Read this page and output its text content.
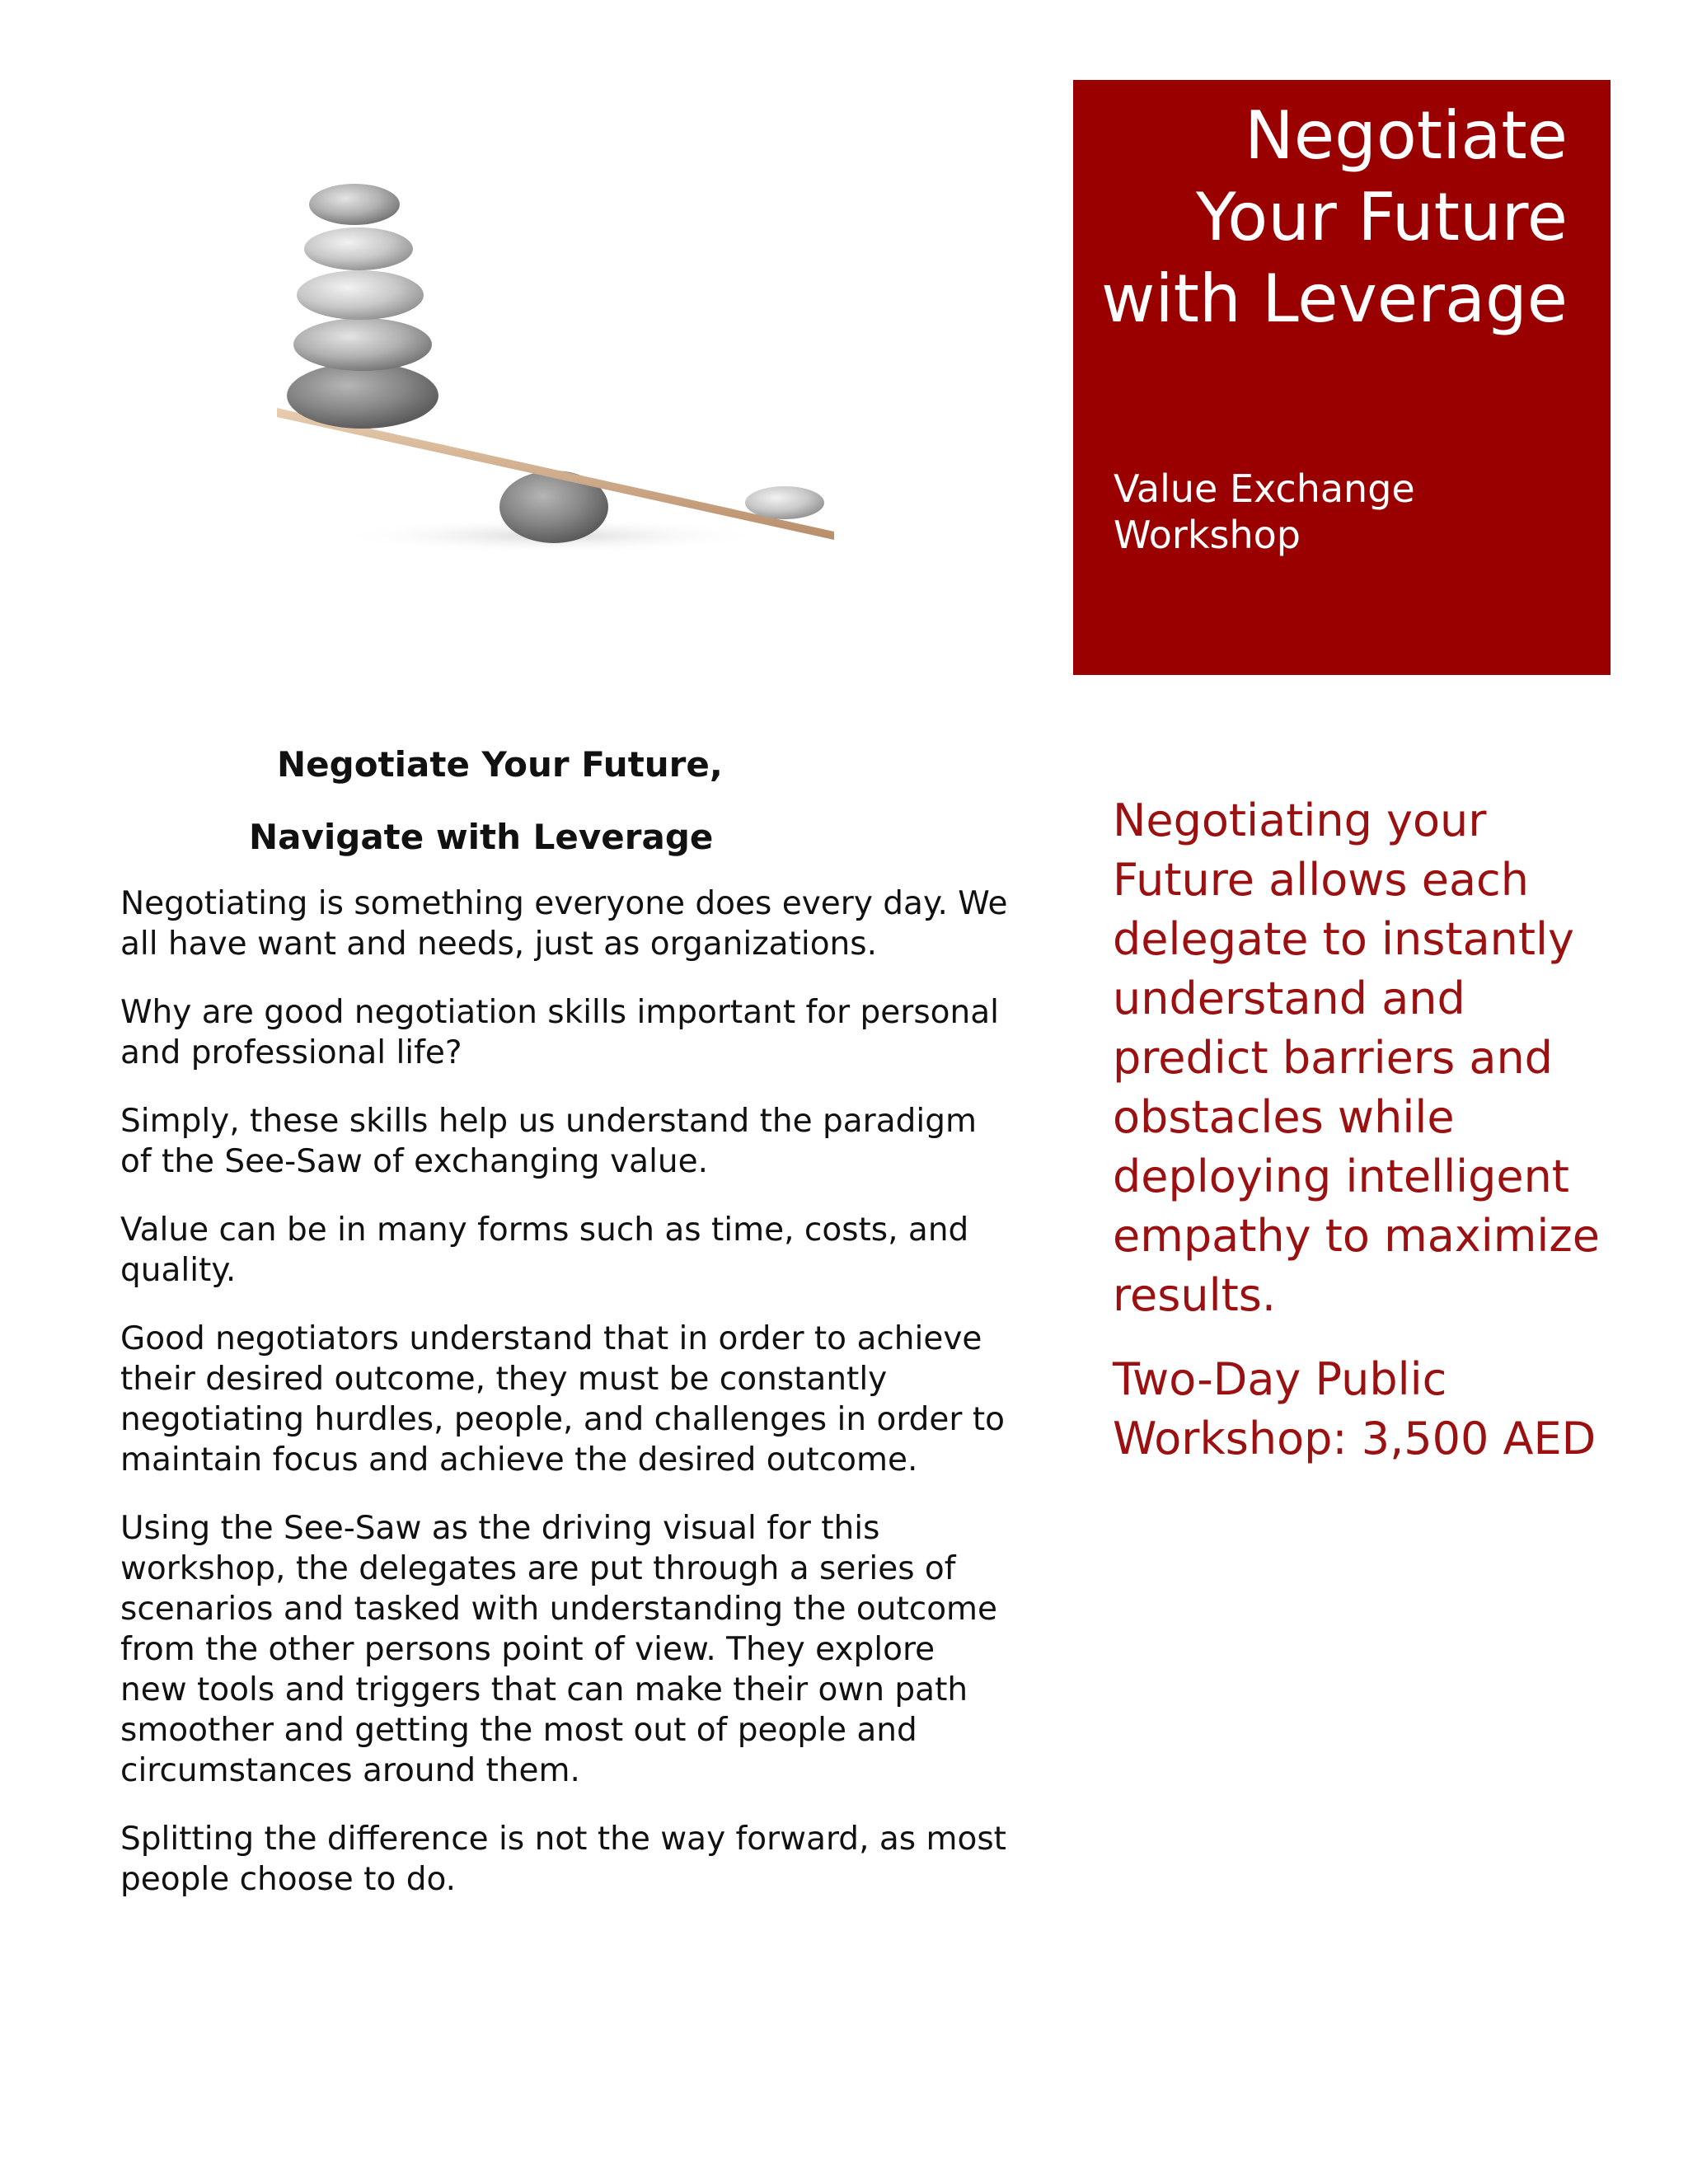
Negotiate
Your Future
with Leverage

Value Exchange
Workshop

Negotiate Your Future,

Navigate with Leverage

Negotiating is something everyone does every day. We all have want and needs, just as organizations.

Why are good negotiation skills important for personal and professional life?

Simply, these skills help us understand the paradigm of the See-Saw of exchanging value.

Value can be in many forms such as time, costs, and quality.

Good negotiators understand that in order to achieve their desired outcome, they must be constantly negotiating hurdles, people, and challenges in order to maintain focus and achieve the desired outcome.

Using the See-Saw as the driving visual for this workshop, the delegates are put through a series of scenarios and tasked with understanding the outcome from the other persons point of view. They explore new tools and triggers that can make their own path smoother and getting the most out of people and circumstances around them.

Splitting the difference is not the way forward, as most people choose to do.

Negotiating your Future allows each delegate to instantly understand and predict barriers and obstacles while deploying intelligent empathy to maximize results.

Two-Day Public Workshop: 3,500 AED
